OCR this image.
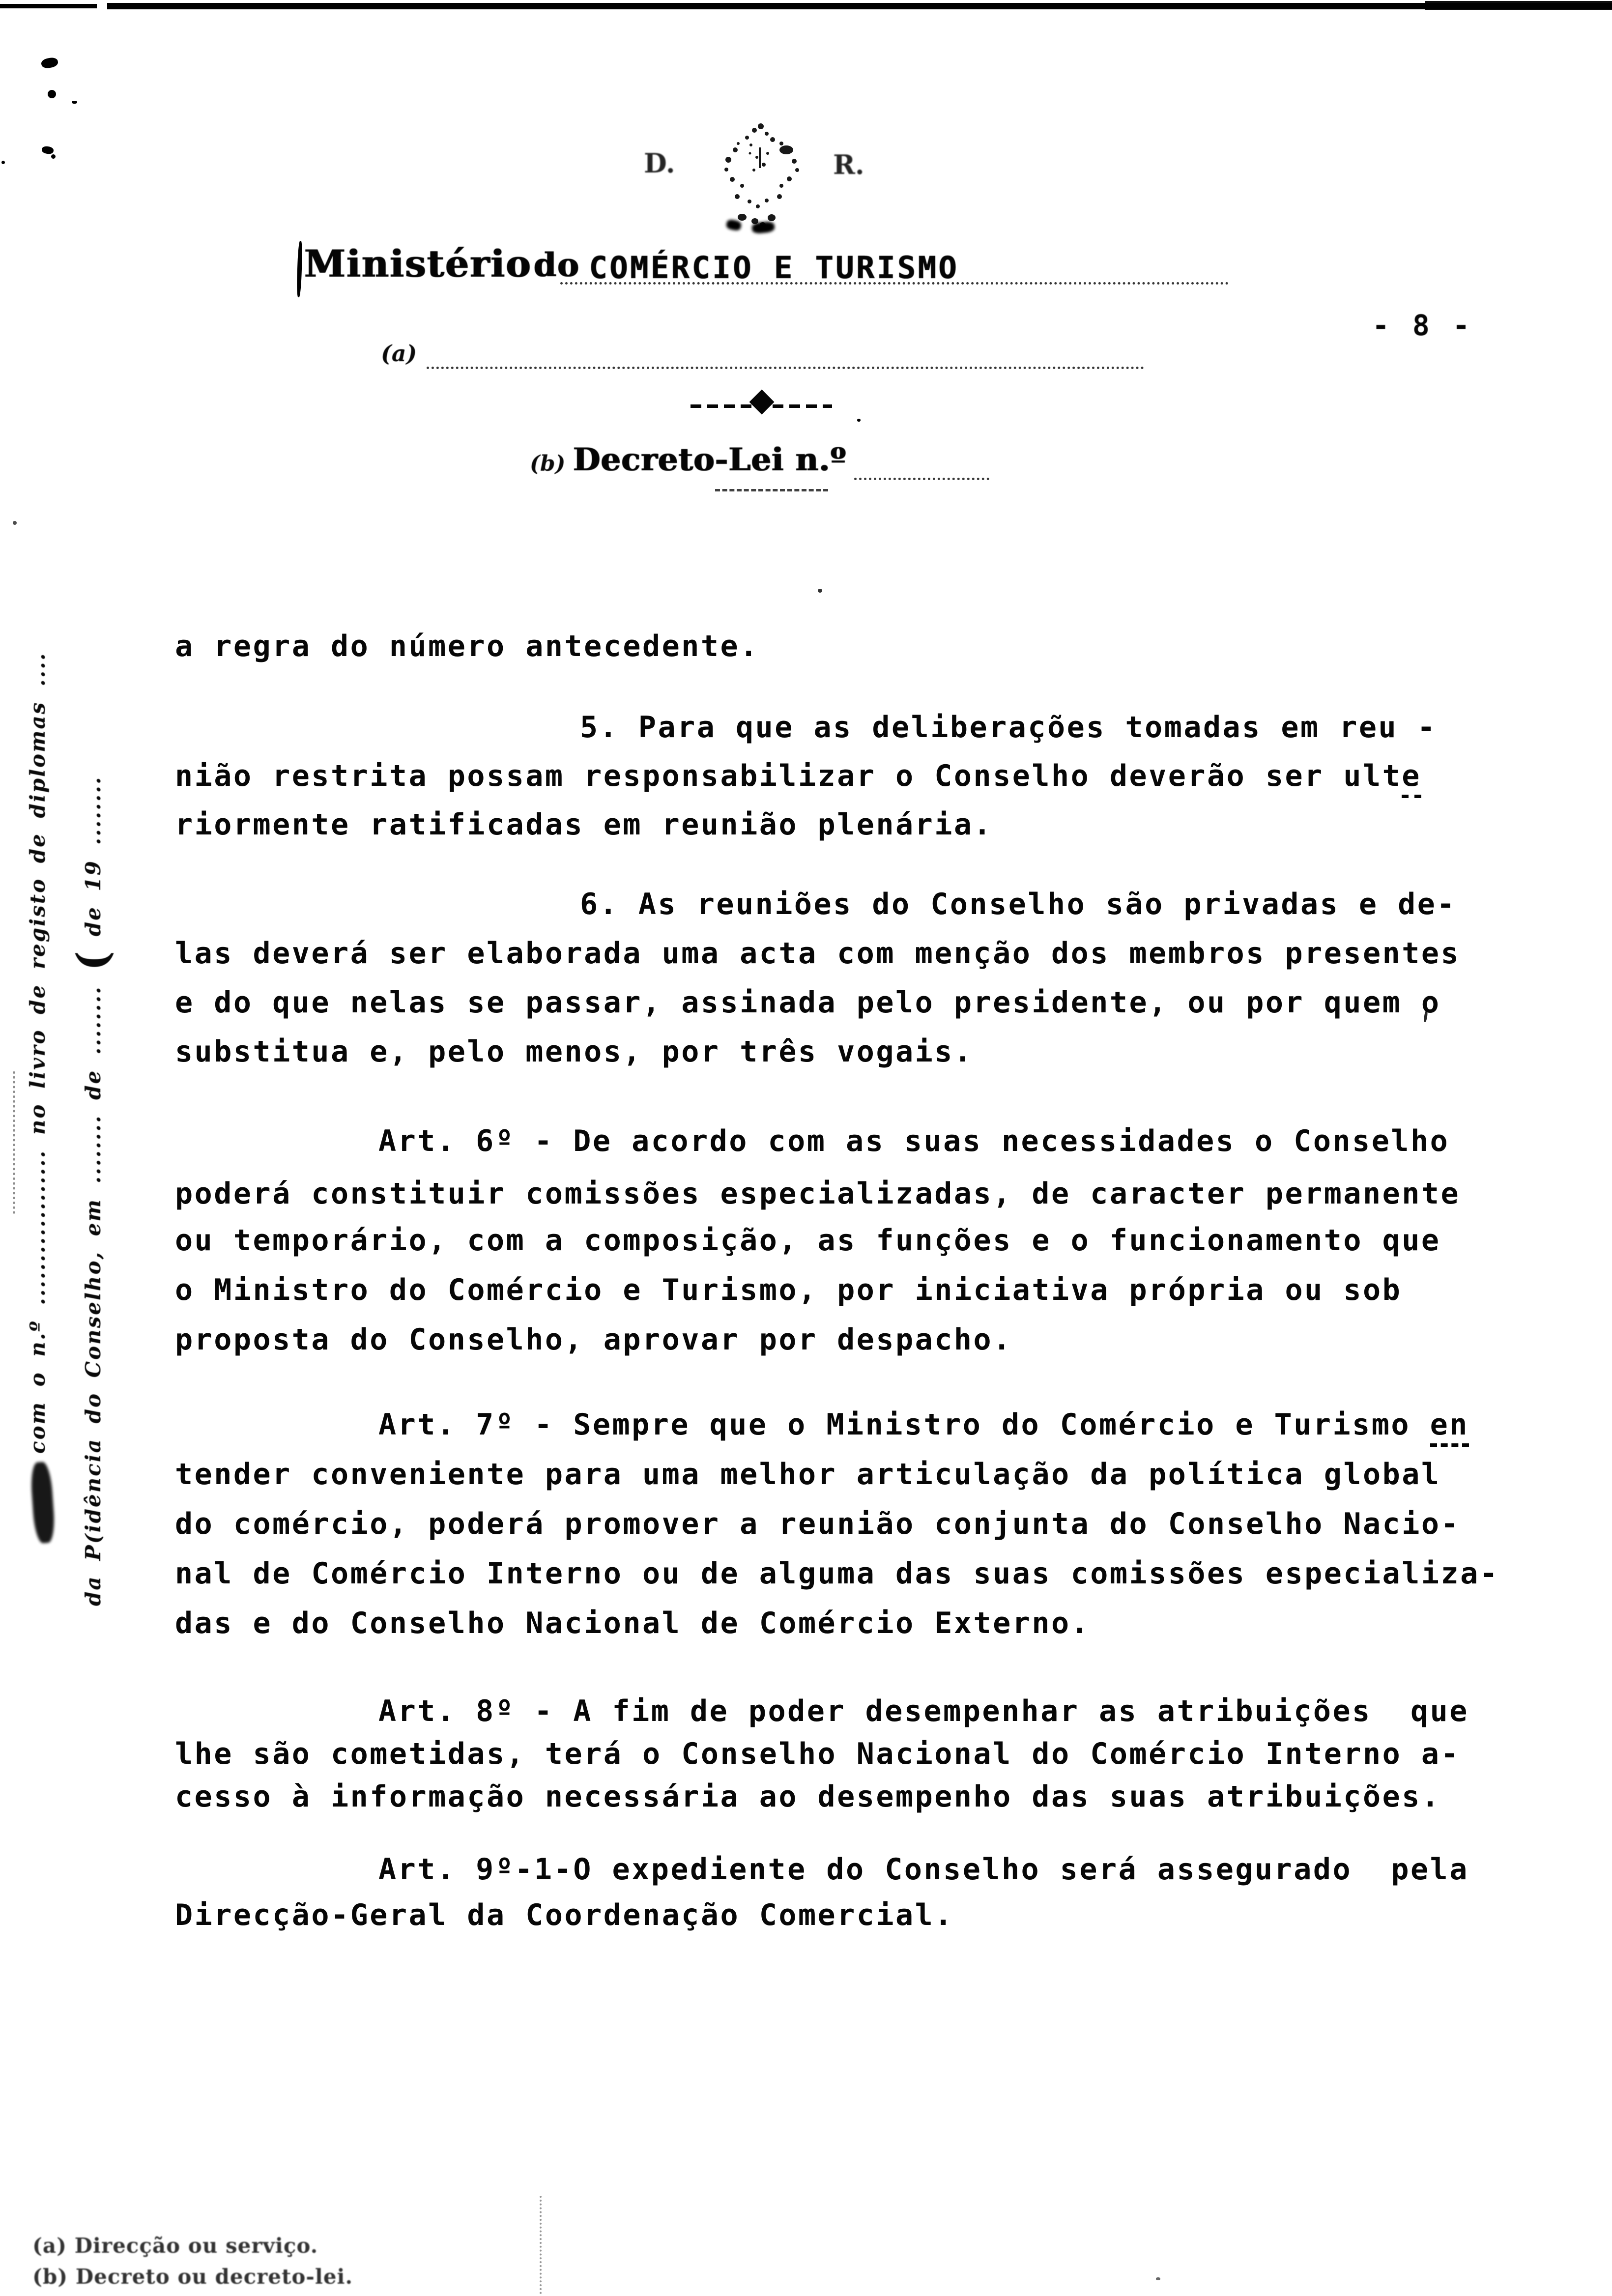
D.	R.
Ministério do COMÉRCIO E TURISMO
- 8 -
(a)
(b) Decreto-Lei n.º
a regra do número antecedente.
5. Para que as deliberações tomadas em reu -
nião restrita possam responsabilizar o Conselho deverão ser ulte
riormente ratificadas em reunião plenária.
6. As reuniões do Conselho são privadas e de-
las deverá ser elaborada uma acta com menção dos membros presentes
e do que nelas se passar, assinada pelo presidente, ou por quem o
substitua e, pelo menos, por três vogais.
Art. 6º - De acordo com as suas necessidades o Conselho
poderá constituir comissões especializadas, de caracter permanente
ou temporário, com a composição, as funções e o funcionamento que
o Ministro do Comércio e Turismo, por iniciativa própria ou sob
proposta do Conselho, aprovar por despacho.
Art. 7º - Sempre que o Ministro do Comércio e Turismo en
tender conveniente para uma melhor articulação da política global
do comércio, poderá promover a reunião conjunta do Conselho Nacio-
nal de Comércio Interno ou de alguma das suas comissões especializa-
das e do Conselho Nacional de Comércio Externo.
Art. 8º - A fim de poder desempenhar as atribuições  que
lhe são cometidas, terá o Conselho Nacional do Comércio Interno a-
cesso à informação necessária ao desempenho das suas atribuições.
Art. 9º-1-O expediente do Conselho será assegurado  pela
Direcção-Geral da Coordenação Comercial.
com o n.º .................. no livro de registo de diplomas ....	da P(idência do Conselho, em ........ de ........ ( de 19 ........
(a) Direcção ou serviço.
(b) Decreto ou decreto-lei.
